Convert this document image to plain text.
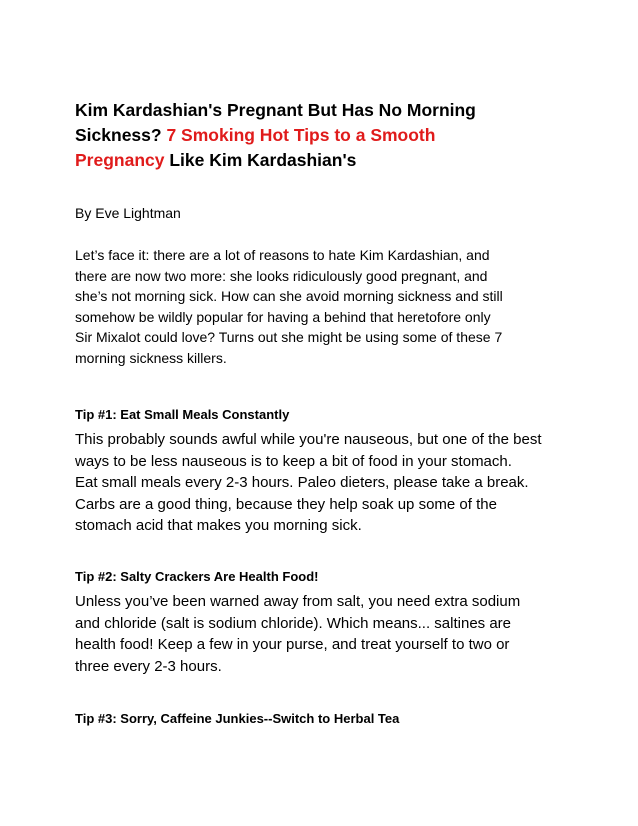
Kim Kardashian's Pregnant But Has No Morning
Sickness? 7 Smoking Hot Tips to a Smooth
Pregnancy Like Kim Kardashian's
By Eve Lightman
Let’s face it: there are a lot of reasons to hate Kim Kardashian, and
there are now two more: she looks ridiculously good pregnant, and
she’s not morning sick. How can she avoid morning sickness and still
somehow be wildly popular for having a behind that heretofore only
Sir Mixalot could love? Turns out she might be using some of these 7
morning sickness killers.
Tip #1: Eat Small Meals Constantly
This probably sounds awful while you're nauseous, but one of the best
ways to be less nauseous is to keep a bit of food in your stomach.
Eat small meals every 2-3 hours. Paleo dieters, please take a break.
Carbs are a good thing, because they help soak up some of the
stomach acid that makes you morning sick.
Tip #2: Salty Crackers Are Health Food!
Unless you’ve been warned away from salt, you need extra sodium
and chloride (salt is sodium chloride). Which means... saltines are
health food! Keep a few in your purse, and treat yourself to two or
three every 2-3 hours.
Tip #3: Sorry, Caffeine Junkies--Switch to Herbal Tea
